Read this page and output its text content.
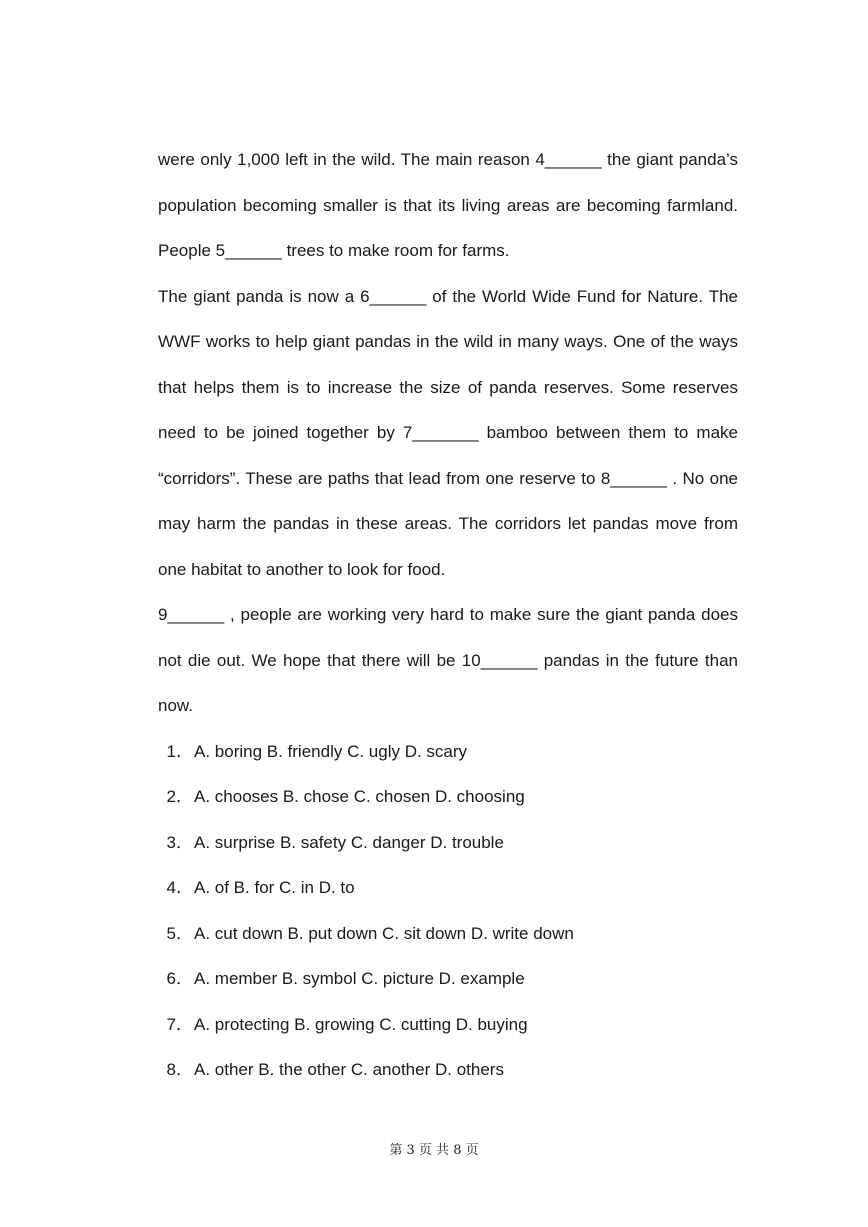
were only 1,000 left in the wild. The main reason 4______ the giant panda’s population becoming smaller is that its living areas are becoming farmland. People 5______ trees to make room for farms.

The giant panda is now a 6______ of the World Wide Fund for Nature. The WWF works to help giant pandas in the wild in many ways. One of the ways that helps them is to increase the size of panda reserves. Some reserves need to be joined together by 7_______ bamboo between them to make “corridors”. These are paths that lead from one reserve to 8______ . No one may harm the pandas in these areas. The corridors let pandas move from one habitat to another to look for food.

9______ , people are working very hard to make sure the giant panda does not die out. We hope that there will be 10______ pandas in the future than now.

1．A. boring B. friendly C. ugly D. scary
2．A. chooses B. chose C. chosen D. choosing
3．A. surprise B. safety C. danger D. trouble
4．A. of B. for C. in D. to
5．A. cut down B. put down C. sit down D. write down
6．A. member B. symbol C. picture D. example
7．A. protecting B. growing C. cutting D. buying
8．A. other B. the other C. another D. others
第 3 页 共 8 页
